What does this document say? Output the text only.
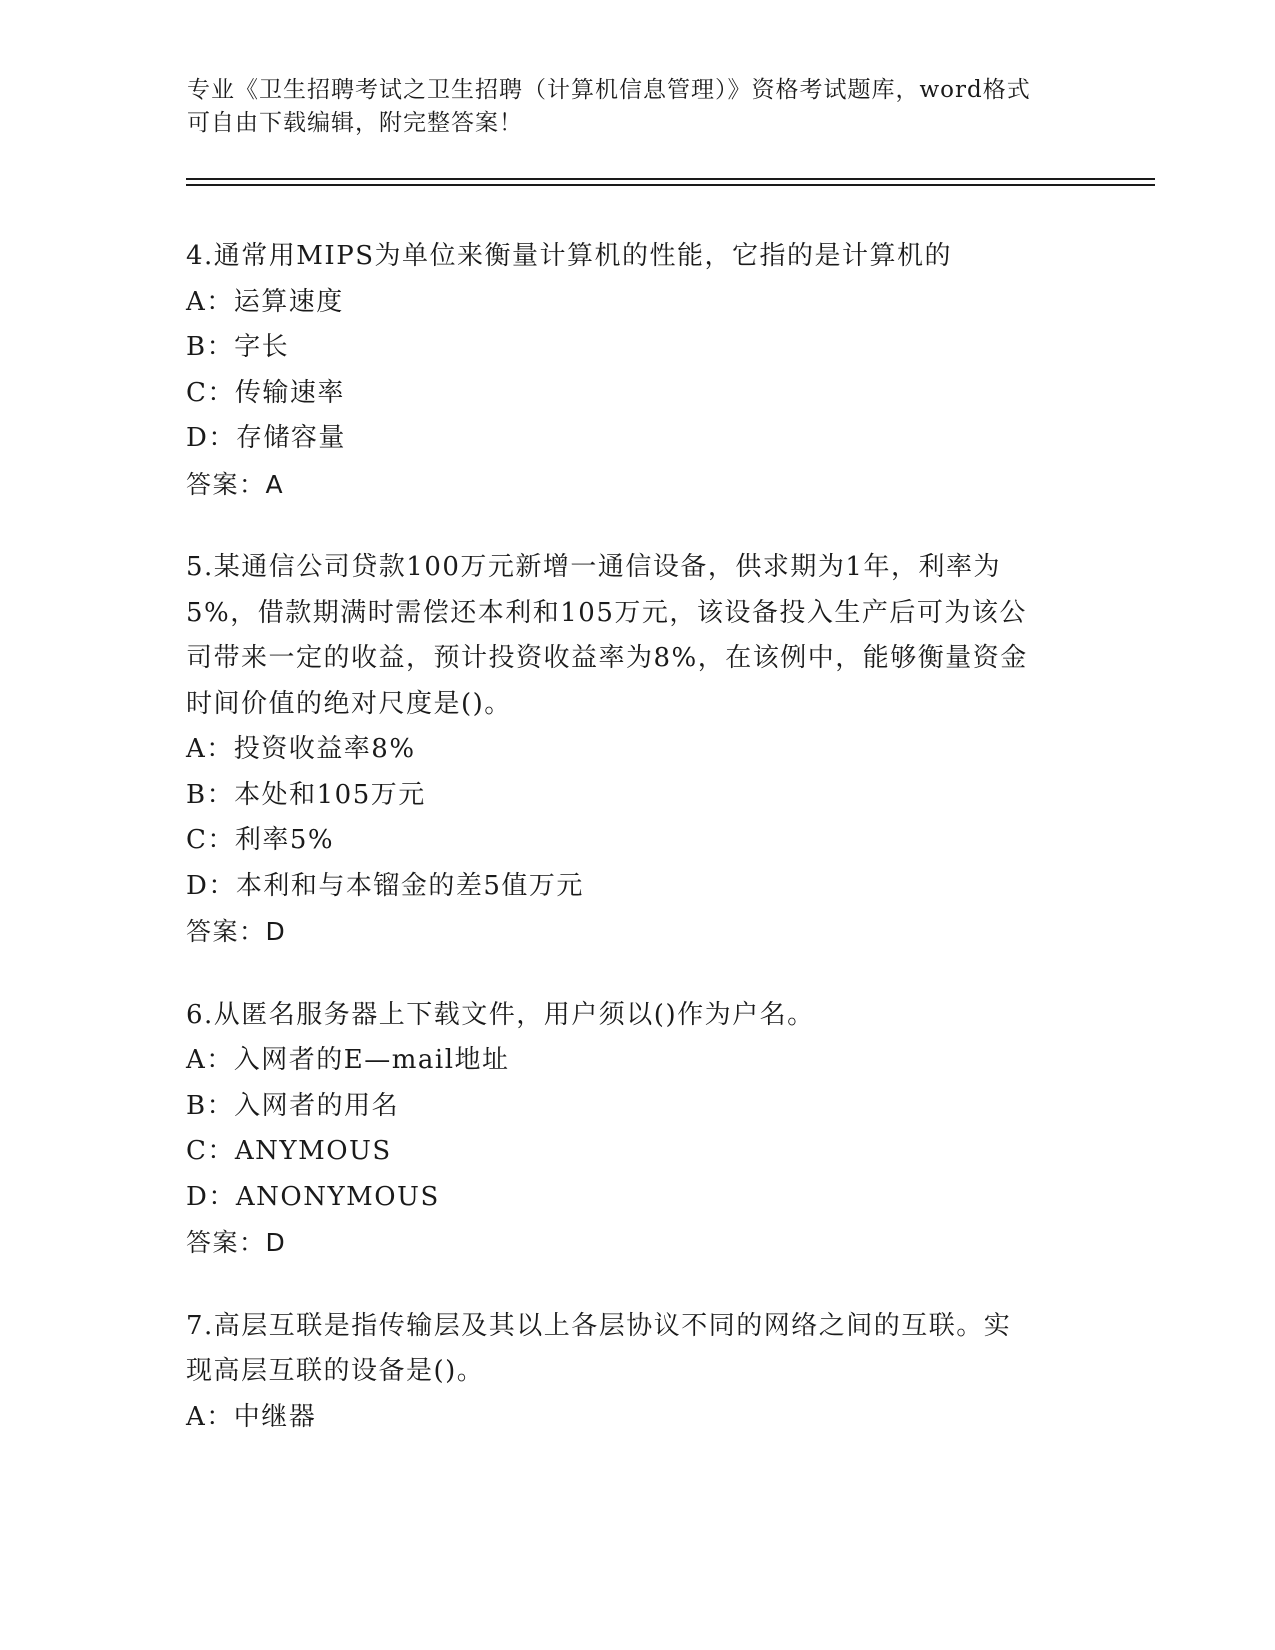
专业《卫生招聘考试之卫生招聘（计算机信息管理）》资格考试题库，word格式
可自由下载编辑，附完整答案！
4.通常用MIPS为单位来衡量计算机的性能，它指的是计算机的
A：运算速度
B：字长
C：传输速率
D：存储容量
答案：A
5.某通信公司贷款100万元新增一通信设备，供求期为1年，利率为
5%，借款期满时需偿还本利和105万元，该设备投入生产后可为该公
司带来一定的收益，预计投资收益率为8%，在该例中，能够衡量资金
时间价值的绝对尺度是()。
A：投资收益率8%
B：本处和105万元
C：利率5%
D：本利和与本镏金的差5值万元
答案：D
6.从匿名服务器上下载文件，用户须以()作为户名。
A：入网者的E—mail地址
B：入网者的用名
C：ANYMOUS
D：ANONYMOUS
答案：D
7.高层互联是指传输层及其以上各层协议不同的网络之间的互联。实
现高层互联的设备是()。
A：中继器
